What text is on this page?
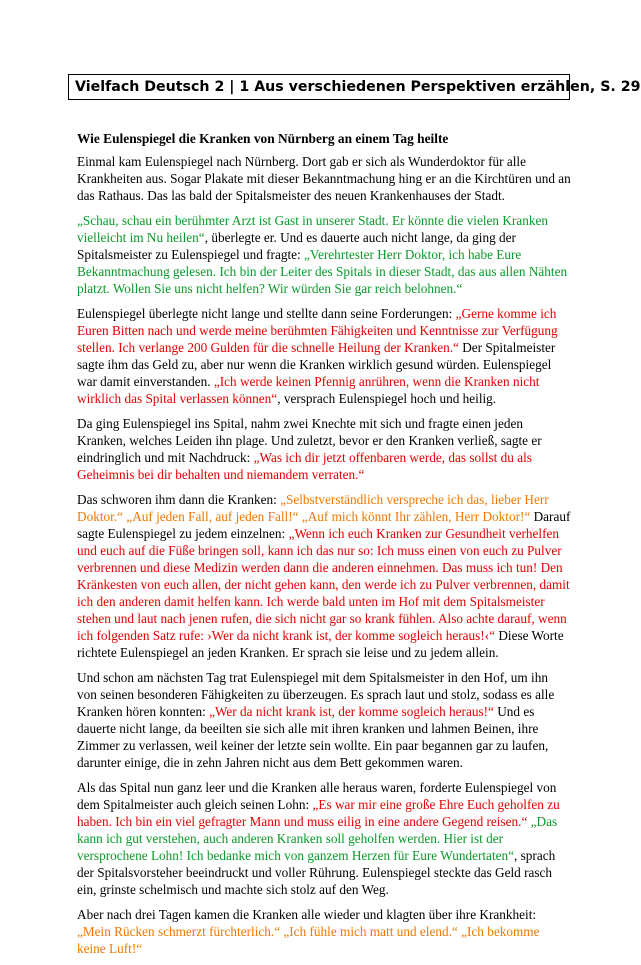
Vielfach Deutsch 2 | 1 Aus verschiedenen Perspektiven erzählen, S. 29
Wie Eulenspiegel die Kranken von Nürnberg an einem Tag heilte

Einmal kam Eulenspiegel nach Nürnberg. Dort gab er sich als Wunderdoktor für alle Krankheiten aus. Sogar Plakate mit dieser Bekanntmachung hing er an die Kirchtüren und an das Rathaus. Das las bald der Spitalsmeister des neuen Krankenhauses der Stadt.

„Schau, schau ein berühmter Arzt ist Gast in unserer Stadt. Er könnte die vielen Kranken vielleicht im Nu heilen“, überlegte er. Und es dauerte auch nicht lange, da ging der Spitalsmeister zu Eulenspiegel und fragte: „Verehrtester Herr Doktor, ich habe Eure Bekanntmachung gelesen. Ich bin der Leiter des Spitals in dieser Stadt, das aus allen Nähten platzt. Wollen Sie uns nicht helfen? Wir würden Sie gar reich belohnen.“

Eulenspiegel überlegte nicht lange und stellte dann seine Forderungen: „Gerne komme ich Euren Bitten nach und werde meine berühmten Fähigkeiten und Kenntnisse zur Verfügung stellen. Ich verlange 200 Gulden für die schnelle Heilung der Kranken.“ Der Spitalmeister sagte ihm das Geld zu, aber nur wenn die Kranken wirklich gesund würden. Eulenspiegel war damit einverstanden. „Ich werde keinen Pfennig anrühren, wenn die Kranken nicht wirklich das Spital verlassen können“, versprach Eulenspiegel hoch und heilig.

Da ging Eulenspiegel ins Spital, nahm zwei Knechte mit sich und fragte einen jeden Kranken, welches Leiden ihn plage. Und zuletzt, bevor er den Kranken verließ, sagte er eindringlich und mit Nachdruck: „Was ich dir jetzt offenbaren werde, das sollst du als Geheimnis bei dir behalten und niemandem verraten.“

Das schworen ihm dann die Kranken: „Selbstverständlich verspreche ich das, lieber Herr Doktor.“ „Auf jeden Fall, auf jeden Fall!“ „Auf mich könnt Ihr zählen, Herr Doktor!“ Darauf sagte Eulenspiegel zu jedem einzelnen: „Wenn ich euch Kranken zur Gesundheit verhelfen und euch auf die Füße bringen soll, kann ich das nur so: Ich muss einen von euch zu Pulver verbrennen und diese Medizin werden dann die anderen einnehmen. Das muss ich tun! Den Kränkesten von euch allen, der nicht gehen kann, den werde ich zu Pulver verbrennen, damit ich den anderen damit helfen kann. Ich werde bald unten im Hof mit dem Spitalsmeister stehen und laut nach jenen rufen, die sich nicht gar so krank fühlen. Also achte darauf, wenn ich folgenden Satz rufe: ›Wer da nicht krank ist, der komme sogleich heraus!‹“ Diese Worte richtete Eulenspiegel an jeden Kranken. Er sprach sie leise und zu jedem allein.

Und schon am nächsten Tag trat Eulenspiegel mit dem Spitalsmeister in den Hof, um ihn von seinen besonderen Fähigkeiten zu überzeugen. Es sprach laut und stolz, sodass es alle Kranken hören konnten: „Wer da nicht krank ist, der komme sogleich heraus!“ Und es dauerte nicht lange, da beeilten sie sich alle mit ihren kranken und lahmen Beinen, ihre Zimmer zu verlassen, weil keiner der letzte sein wollte. Ein paar begannen gar zu laufen, darunter einige, die in zehn Jahren nicht aus dem Bett gekommen waren.

Als das Spital nun ganz leer und die Kranken alle heraus waren, forderte Eulenspiegel von dem Spitalmeister auch gleich seinen Lohn: „Es war mir eine große Ehre Euch geholfen zu haben. Ich bin ein viel gefragter Mann und muss eilig in eine andere Gegend reisen.“ „Das kann ich gut verstehen, auch anderen Kranken soll geholfen werden. Hier ist der versprochene Lohn! Ich bedanke mich von ganzem Herzen für Eure Wundertaten“, sprach der Spitalsvorsteher beeindruckt und voller Rührung. Eulenspiegel steckte das Geld rasch ein, grinste schelmisch und machte sich stolz auf den Weg.

Aber nach drei Tagen kamen die Kranken alle wieder und klagten über ihre Krankheit: „Mein Rücken schmerzt fürchterlich.“ „Ich fühle mich matt und elend.“ „Ich bekomme keine Luft!“
